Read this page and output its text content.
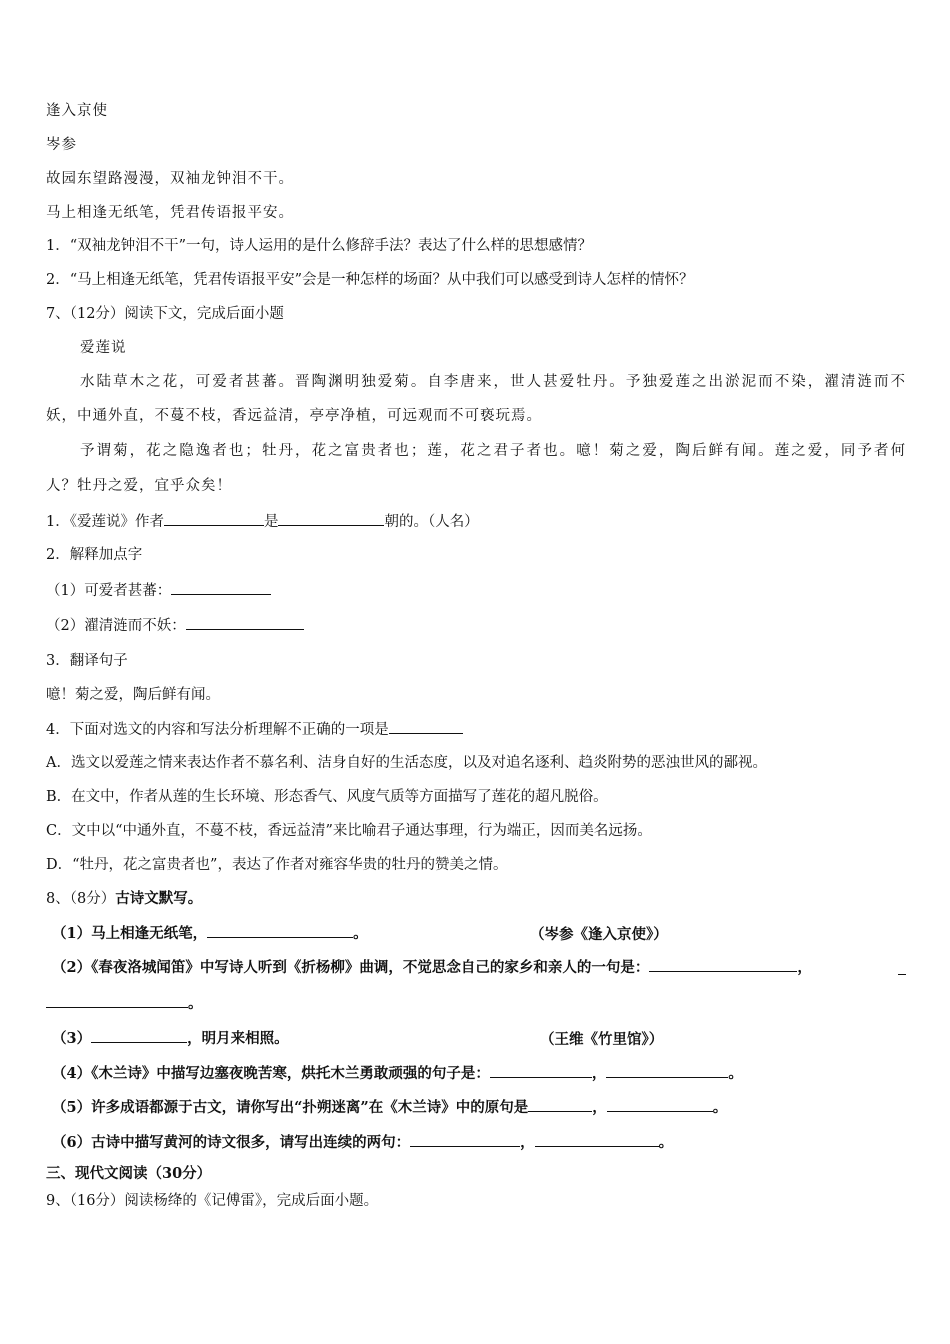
逢入京使
岑参
故园东望路漫漫，双袖龙钟泪不干。
马上相逢无纸笔，凭君传语报平安。
1．“双袖龙钟泪不干”一句，诗人运用的是什么修辞手法？表达了什么样的思想感情？
2．“马上相逢无纸笔，凭君传语报平安”会是一种怎样的场面？从中我们可以感受到诗人怎样的情怀？
7、（12分）阅读下文，完成后面小题
爱莲说
水陆草木之花，可爱者甚蕃。晋陶渊明独爱菊。自李唐来，世人甚爱牡丹。予独爱莲之出淤泥而不染，濯清涟而不
妖，中通外直，不蔓不枝，香远益清，亭亭净植，可远观而不可亵玩焉。
予谓菊，花之隐逸者也；牡丹，花之富贵者也；莲，花之君子者也。噫！菊之爱，陶后鲜有闻。莲之爱，同予者何
人？牡丹之爱，宜乎众矣！
1．《爱莲说》作者	是	朝的。（人名）
2．解释加点字
（1）可爱者甚蕃：
（2）濯清涟而不妖：
3．翻译句子
噫！菊之爱，陶后鲜有闻。
4．下面对选文的内容和写法分析理解不正确的一项是
A．选文以爱莲之情来表达作者不慕名利、洁身自好的生活态度，以及对追名逐利、趋炎附势的恶浊世风的鄙视。
B．在文中，作者从莲的生长环境、形态香气、风度气质等方面描写了莲花的超凡脱俗。
C．文中以“中通外直，不蔓不枝，香远益清”来比喻君子通达事理，行为端正，因而美名远扬。
D．“牡丹，花之富贵者也”，表达了作者对雍容华贵的牡丹的赞美之情。
8、（8分）古诗文默写。
（1）马上相逢无纸笔，	。	（岑参《逢入京使》）
（2）《春夜洛城闻笛》中写诗人听到《折杨柳》曲调，不觉思念自己的家乡和亲人的一句是：	，
。
（3）	，明月来相照。	（王维《竹里馆》）
（4）《木兰诗》中描写边塞夜晚苦寒，烘托木兰勇敢顽强的句子是：	，	。
（5）许多成语都源于古文，请你写出“扑朔迷离”在《木兰诗》中的原句是	，	。
（6）古诗中描写黄河的诗文很多，请写出连续的两句：	，	。
三、现代文阅读（30分）
9、（16分）阅读杨绛的《记傅雷》，完成后面小题。
